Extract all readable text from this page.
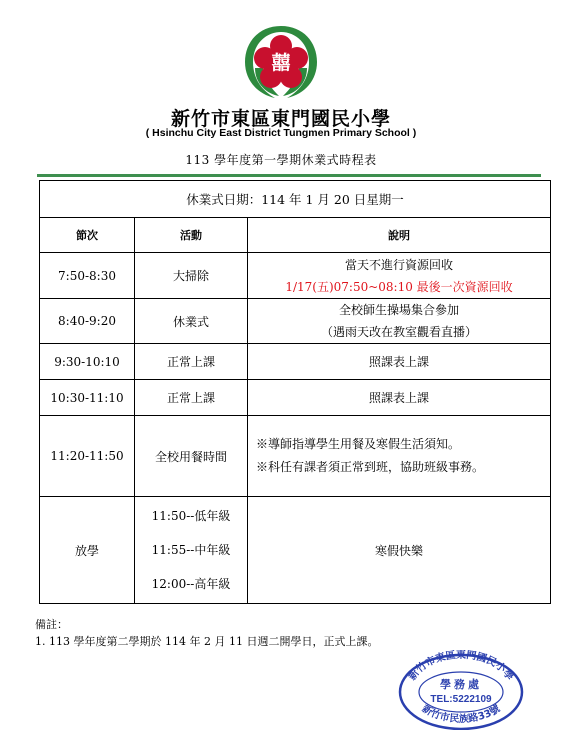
囍
新竹市東區東門國民小學
( Hsinchu City East District Tungmen Primary School )
113 學年度第一學期休業式時程表
休業式日期：114 年 1 月 20 日星期一		
節次	活動	說明
7:50-8:30	大掃除	當天不進行資源回收
1/17(五)07:50~08:10 最後一次資源回收

8:40-9:20	休業式	全校師生操場集合參加
（遇雨天改在教室觀看直播）

9:30-10:10	正常上課	照課表上課
10:30-11:10	正常上課	照課表上課
11:20-11:50	全校用餐時間	※導師指導學生用餐及寒假生活須知。
※科任有課者須正常到班，協助班級事務。

放學	11:50--低年級
11:55--中年級
12:00--高年級	寒假快樂
備註：
1. 113 學年度第二學期於 114 年 2 月 11 日週二開學日，正式上課。
新竹市東區東門國民小學
學務處
TEL:5222109
新竹市民族路33號
